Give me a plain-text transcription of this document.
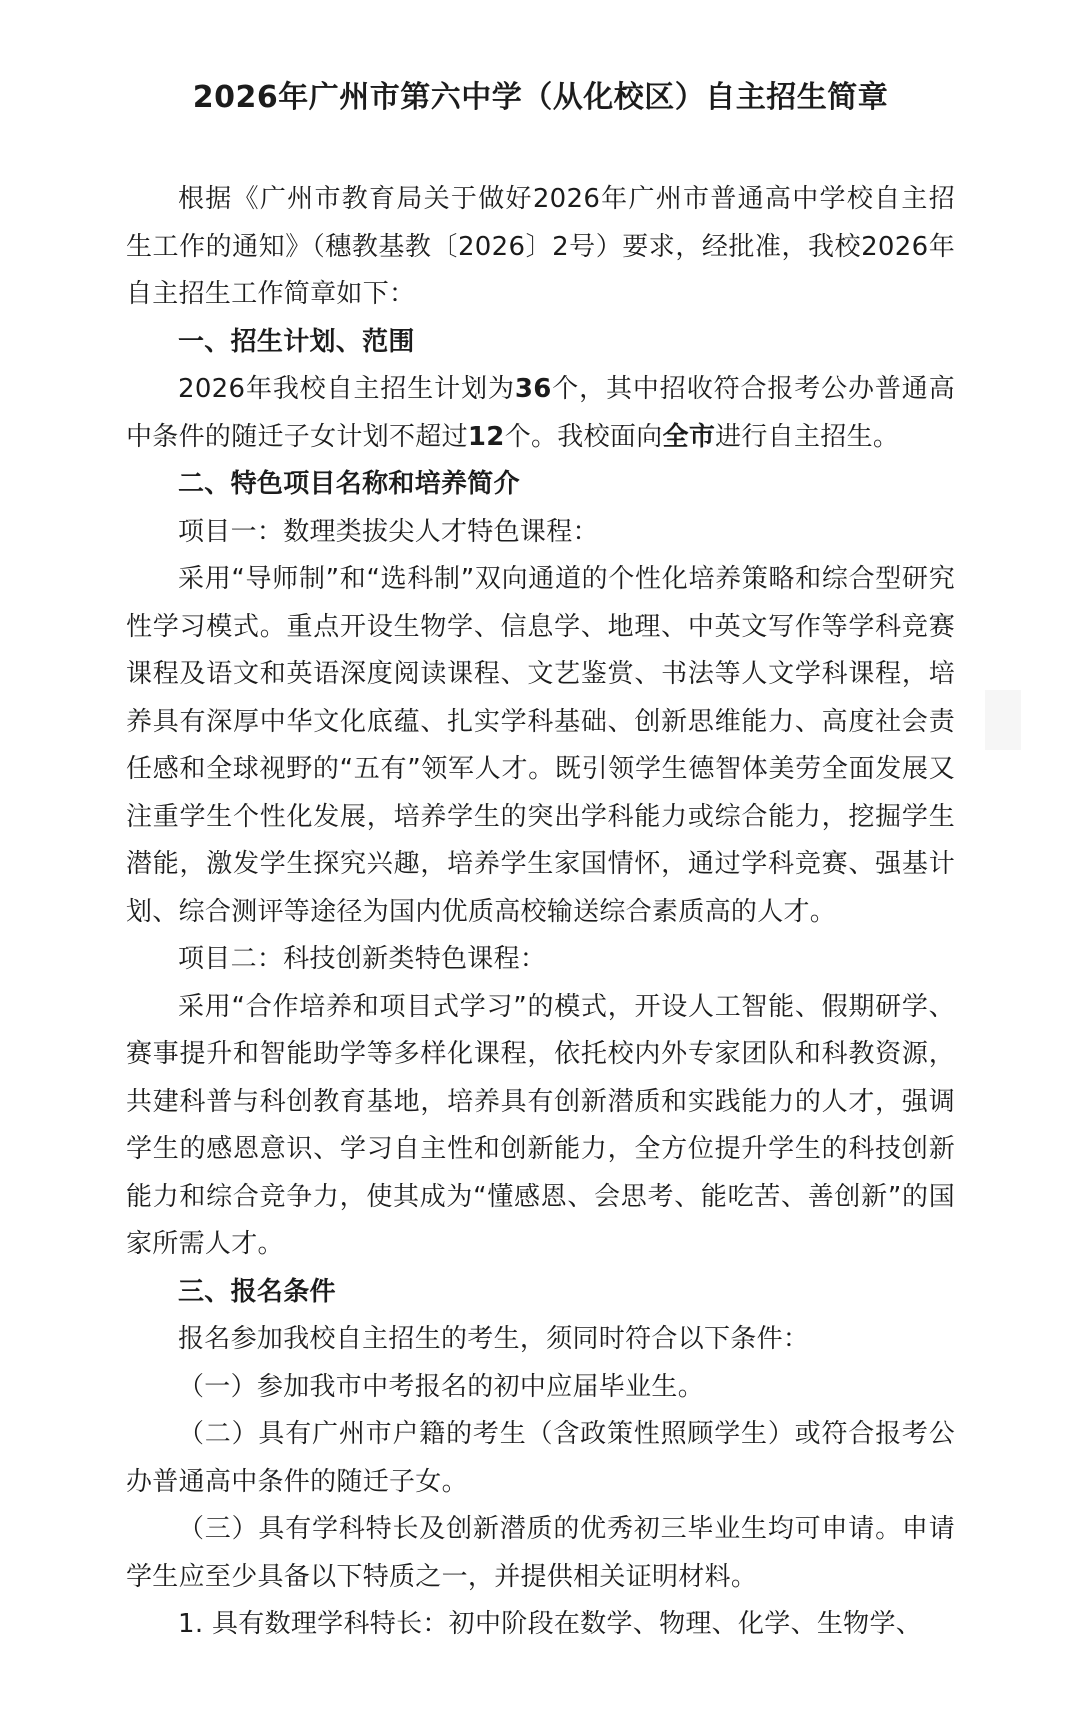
2026年广州市第六中学（从化校区）自主招生简章

根据《广州市教育局关于做好2026年广州市普通高中学校自主招生工作的通知》（穗教基教〔2026〕2号）要求，经批准，我校2026年自主招生工作简章如下：

一、招生计划、范围

2026年我校自主招生计划为36个，其中招收符合报考公办普通高中条件的随迁子女计划不超过12个。我校面向全市进行自主招生。

二、特色项目名称和培养简介

项目一：数理类拔尖人才特色课程：

采用“导师制”和“选科制”双向通道的个性化培养策略和综合型研究性学习模式。重点开设生物学、信息学、地理、中英文写作等学科竞赛课程及语文和英语深度阅读课程、文艺鉴赏、书法等人文学科课程，培养具有深厚中华文化底蕴、扎实学科基础、创新思维能力、高度社会责任感和全球视野的“五有”领军人才。既引领学生德智体美劳全面发展又注重学生个性化发展，培养学生的突出学科能力或综合能力，挖掘学生潜能，激发学生探究兴趣，培养学生家国情怀，通过学科竞赛、强基计划、综合测评等途径为国内优质高校输送综合素质高的人才。

项目二：科技创新类特色课程：

采用“合作培养和项目式学习”的模式，开设人工智能、假期研学、赛事提升和智能助学等多样化课程，依托校内外专家团队和科教资源，共建科普与科创教育基地，培养具有创新潜质和实践能力的人才，强调学生的感恩意识、学习自主性和创新能力，全方位提升学生的科技创新能力和综合竞争力，使其成为“懂感恩、会思考、能吃苦、善创新”的国家所需人才。

三、报名条件

报名参加我校自主招生的考生，须同时符合以下条件：

（一）参加我市中考报名的初中应届毕业生。

（二）具有广州市户籍的考生（含政策性照顾学生）或符合报考公办普通高中条件的随迁子女。

（三）具有学科特长及创新潜质的优秀初三毕业生均可申请。申请学生应至少具备以下特质之一，并提供相关证明材料。

1. 具有数理学科特长：初中阶段在数学、物理、化学、生物学、
